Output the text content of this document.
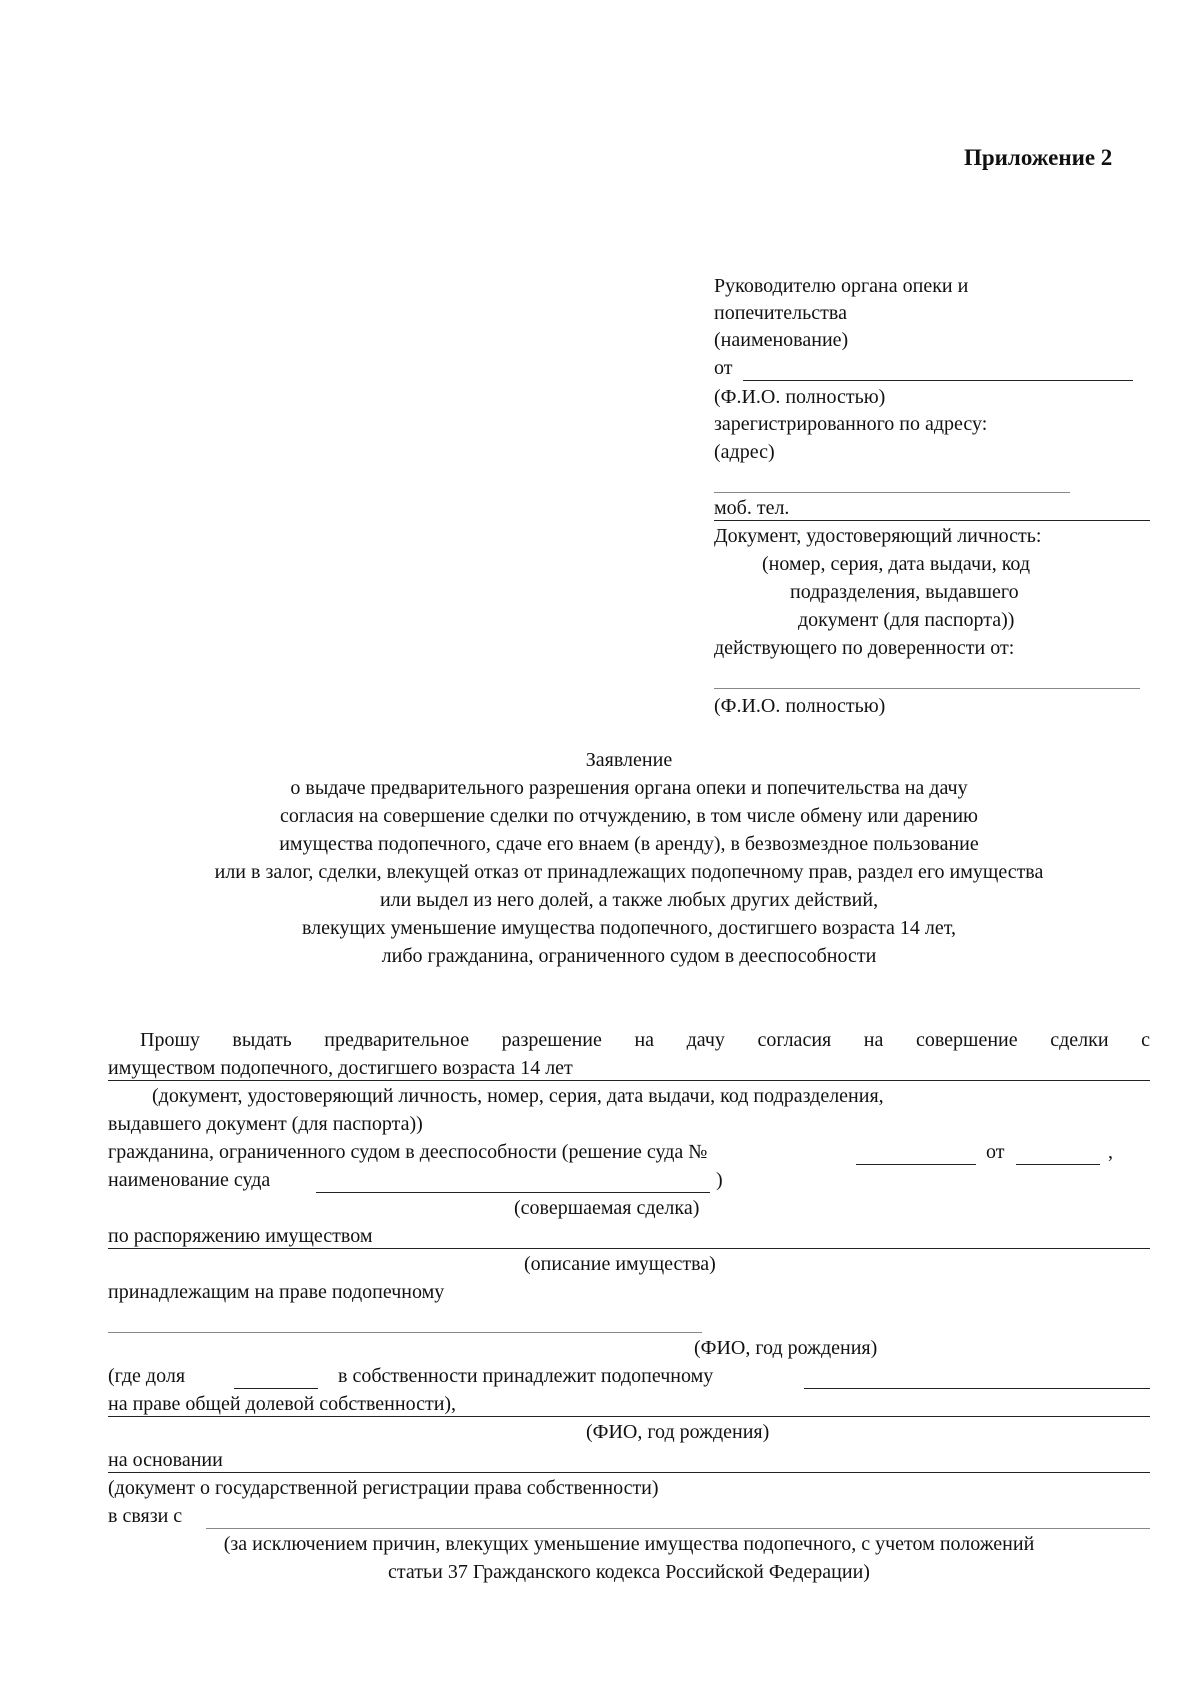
Приложение 2
Руководителю органа опеки и
попечительства
(наименование)
от
(Ф.И.О. полностью)
зарегистрированного по адресу:
(адрес)
моб. тел.
Документ, удостоверяющий личность:
(номер, серия, дата выдачи, код
подразделения, выдавшего
документ (для паспорта))
действующего по доверенности от:
(Ф.И.О. полностью)
Заявление
о выдаче предварительного разрешения органа опеки и попечительства на дачу
согласия на совершение сделки по отчуждению, в том числе обмену или дарению
имущества подопечного, сдаче его внаем (в аренду), в безвозмездное пользование
или в залог, сделки, влекущей отказ от принадлежащих подопечному прав, раздел его имущества
или выдел из него долей, а также любых других действий,
влекущих уменьшение имущества подопечного, достигшего возраста 14 лет,
либо гражданина, ограниченного судом в дееспособности
Прошу выдать предварительное разрешение на дачу согласия на совершение сделки с
имуществом подопечного, достигшего возраста 14 лет
(документ, удостоверяющий личность, номер, серия, дата выдачи, код подразделения,
выдавшего документ (для паспорта))
гражданина, ограниченного судом в дееспособности (решение суда №	от	,
наименование суда	)
(совершаемая сделка)
по распоряжению имуществом
(описание имущества)
принадлежащим на праве подопечному
(ФИО, год рождения)
(где доля	в собственности принадлежит подопечному
на праве общей долевой собственности),
(ФИО, год рождения)
на основании
(документ о государственной регистрации права собственности)
в связи с
(за исключением причин, влекущих уменьшение имущества подопечного, с учетом положений
статьи 37 Гражданского кодекса Российской Федерации)
